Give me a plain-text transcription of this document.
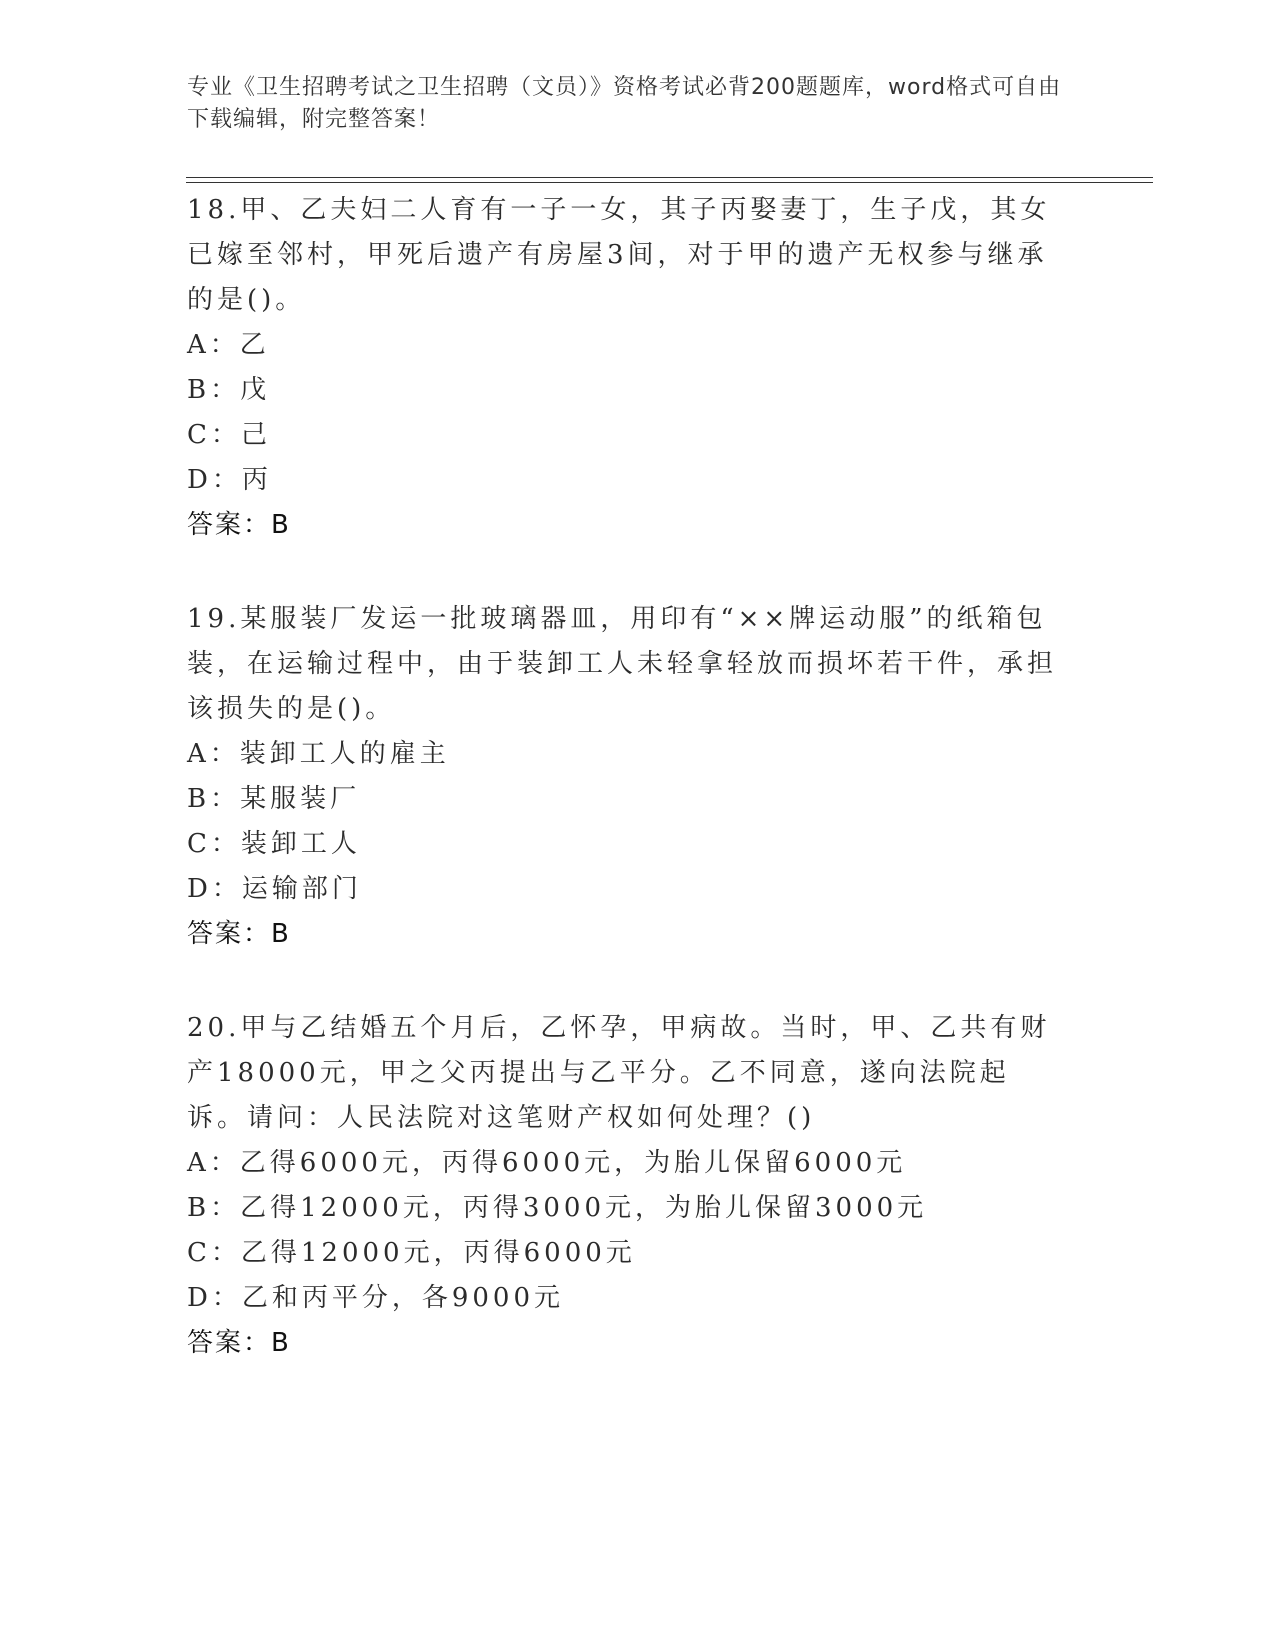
专业《卫生招聘考试之卫生招聘（文员）》资格考试必背200题题库，word格式可自由下载编辑，附完整答案！

18.甲、乙夫妇二人育有一子一女，其子丙娶妻丁，生子戊，其女已嫁至邻村，甲死后遗产有房屋3间，对于甲的遗产无权参与继承的是()。

A：乙

B：戊

C：己

D：丙

答案：B

19.某服装厂发运一批玻璃器皿，用印有“××牌运动服”的纸箱包装，在运输过程中，由于装卸工人未轻拿轻放而损坏若干件，承担该损失的是()。

A：装卸工人的雇主

B：某服装厂

C：装卸工人

D：运输部门

答案：B

20.甲与乙结婚五个月后，乙怀孕，甲病故。当时，甲、乙共有财产18000元，甲之父丙提出与乙平分。乙不同意，遂向法院起诉。请问：人民法院对这笔财产权如何处理？()

A：乙得6000元，丙得6000元，为胎儿保留6000元

B：乙得12000元，丙得3000元，为胎儿保留3000元

C：乙得12000元，丙得6000元

D：乙和丙平分，各9000元

答案：B
